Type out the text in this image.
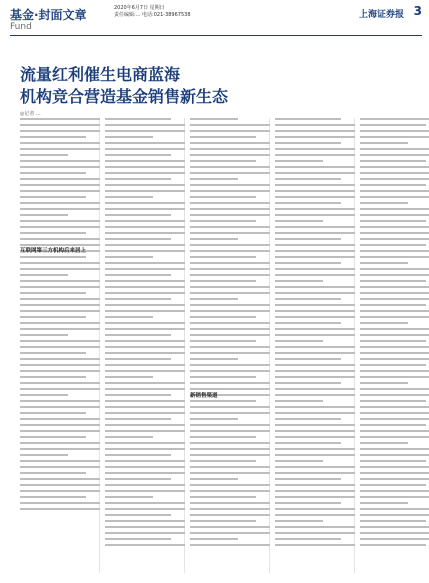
基金·封面文章	2020年6月7日 星期日
责任编辑:... 电话:021-38967538	上海证券报 3
Fund
流量红利催生电商蓝海
机构竞合营造基金销售新生态
◎记者 ...
互联网第三方机构后来居上
新销售渠道
